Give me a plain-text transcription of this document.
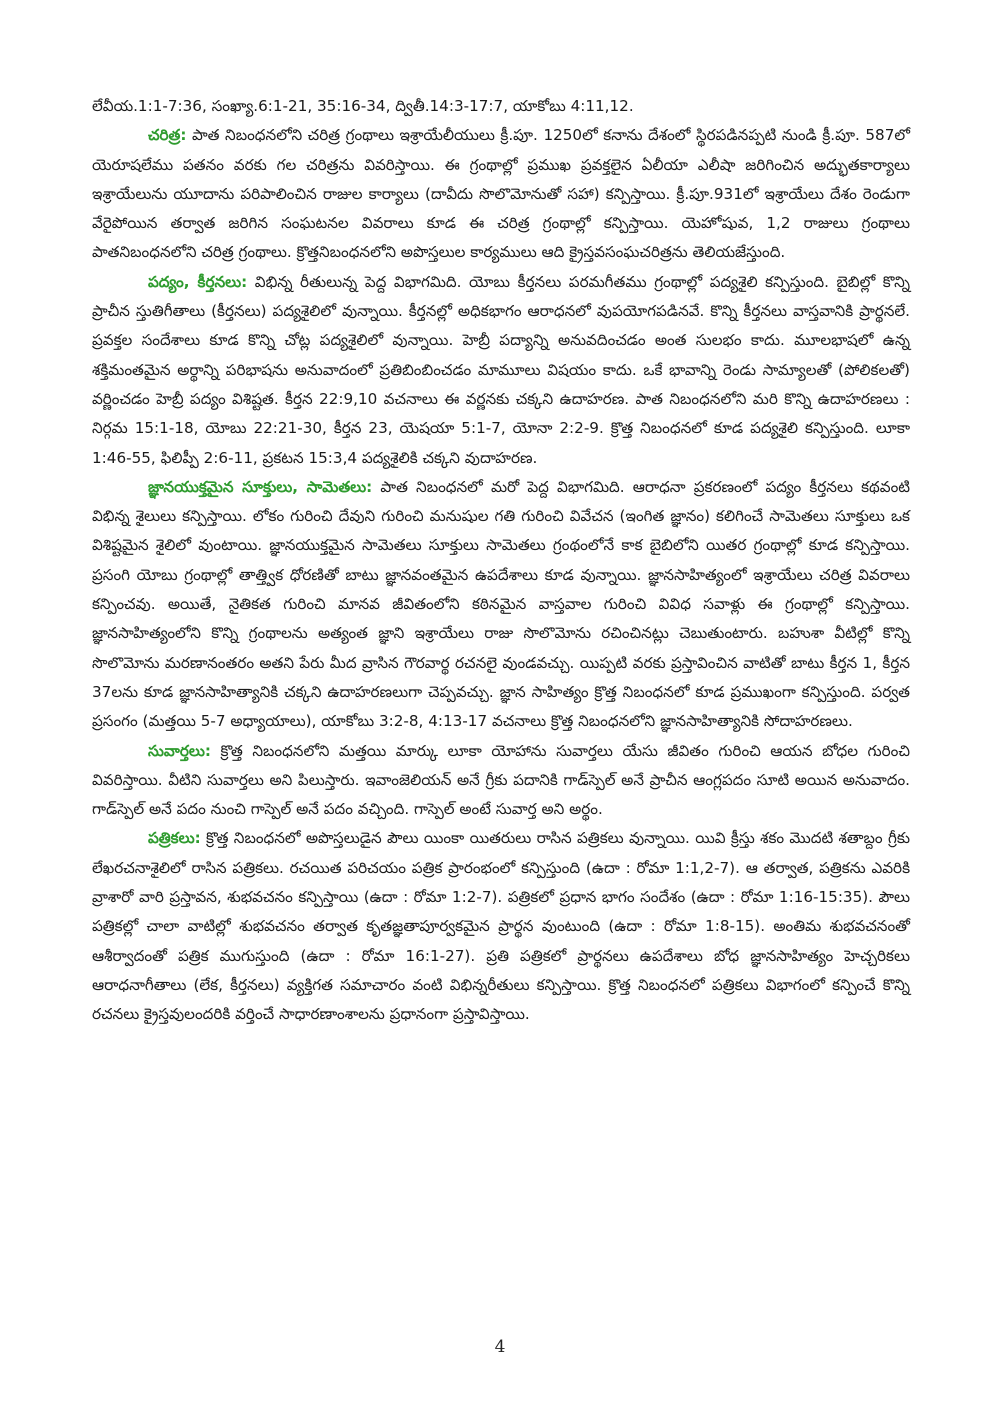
లేవీయ.1:1-7:36, సంఖ్యా.6:1-21, 35:16-34, ద్వితీ.14:3-17:7, యాకోబు 4:11,12.

చరిత్ర: పాత నిబంధనలోని చరిత్ర గ్రంథాలు ఇశ్రాయేలీయులు క్రీ.పూ. 1250లో కనాను దేశంలో స్థిరపడినప్పటి నుండి క్రీ.పూ. 587లో యెరూషలేము పతనం వరకు గల చరిత్రను వివరిస్తాయి. ఈ గ్రంథాల్లో ప్రముఖ ప్రవక్తలైన ఏలీయా ఎలీషా జరిగించిన అద్భుతకార్యాలు ఇశ్రాయేలును యూదాను పరిపాలించిన రాజుల కార్యాలు (దావీదు సొలొమోనుతో సహా) కన్పిస్తాయి. క్రీ.పూ.931లో ఇశ్రాయేలు దేశం రెండుగా వేరైపోయిన తర్వాత జరిగిన సంఘటనల వివరాలు కూడ ఈ చరిత్ర గ్రంథాల్లో కన్పిస్తాయి. యెహోషువ, 1,2 రాజులు గ్రంథాలు పాతనిబంధనలోని చరిత్ర గ్రంథాలు. క్రొత్తనిబంధనలోని అపొస్తలుల కార్యములు ఆది క్రైస్తవసంఘచరిత్రను తెలియజేస్తుంది.

పద్యం, కీర్తనలు: విభిన్న రీతులున్న పెద్ద విభాగమిది. యోబు కీర్తనలు పరమగీతము గ్రంథాల్లో పద్యశైలి కన్పిస్తుంది. బైబిల్లో కొన్ని ప్రాచీన స్తుతిగీతాలు (కీర్తనలు) పద్యశైలిలో వున్నాయి. కీర్తనల్లో అధికభాగం ఆరాధనలో వుపయోగపడినవే. కొన్ని కీర్తనలు వాస్తవానికి ప్రార్థనలే. ప్రవక్తల సందేశాలు కూడ కొన్ని చోట్ల పద్యశైలిలో వున్నాయి. హెబ్రీ పద్యాన్ని అనువదించడం అంత సులభం కాదు. మూలభాషలో ఉన్న శక్తిమంతమైన అర్థాన్ని పరిభాషను అనువాదంలో ప్రతిబింబించడం మామూలు విషయం కాదు. ఒకే భావాన్ని రెండు సామ్యాలతో (పోలికలతో) వర్ణించడం హెబ్రీ పద్యం విశిష్టత. కీర్తన 22:9,10 వచనాలు ఈ వర్ణనకు చక్కని ఉదాహరణ. పాత నిబంధనలోని మరి కొన్ని ఉదాహరణలు : నిర్గమ 15:1-18, యోబు 22:21-30, కీర్తన 23, యెషయా 5:1-7, యోనా 2:2-9. క్రొత్త నిబంధనలో కూడ పద్యశైలి కన్పిస్తుంది. లూకా 1:46-55, ఫిలిప్పీ 2:6-11, ప్రకటన 15:3,4 పద్యశైలికి చక్కని వుదాహరణ.

జ్ఞానయుక్తమైన సూక్తులు, సామెతలు: పాత నిబంధనలో మరో పెద్ద విభాగమిది. ఆరాధనా ప్రకరణంలో పద్యం కీర్తనలు కథవంటి విభిన్న శైలులు కన్పిస్తాయి. లోకం గురించి దేవుని గురించి మనుషుల గతి గురించి వివేచన (ఇంగిత జ్ఞానం) కలిగించే సామెతలు సూక్తులు ఒక విశిష్టమైన శైలిలో వుంటాయి. జ్ఞానయుక్తమైన సామెతలు సూక్తులు సామెతలు గ్రంథంలోనే కాక బైబిలోని యితర గ్రంథాల్లో కూడ కన్పిస్తాయి. ప్రసంగి యోబు గ్రంథాల్లో తాత్త్విక ధోరణితో బాటు జ్ఞానవంతమైన ఉపదేశాలు కూడ వున్నాయి. జ్ఞానసాహిత్యంలో ఇశ్రాయేలు చరిత్ర వివరాలు కన్పించవు. అయితే, నైతికత గురించి మానవ జీవితంలోని కఠినమైన వాస్తవాల గురించి వివిధ సవాళ్లు ఈ గ్రంథాల్లో కన్పిస్తాయి. జ్ఞానసాహిత్యంలోని కొన్ని గ్రంథాలను అత్యంత జ్ఞాని ఇశ్రాయేలు రాజు సొలొమోను రచించినట్లు చెబుతుంటారు. బహుశా వీటిల్లో కొన్ని సొలొమోను మరణానంతరం అతని పేరు మీద వ్రాసిన గౌరవార్థ రచనలై వుండవచ్చు. యిప్పటి వరకు ప్రస్తావించిన వాటితో బాటు కీర్తన 1, కీర్తన 37లను కూడ జ్ఞానసాహిత్యానికి చక్కని ఉదాహరణలుగా చెప్పవచ్చు. జ్ఞాన సాహిత్యం క్రొత్త నిబంధనలో కూడ ప్రముఖంగా కన్పిస్తుంది. పర్వత ప్రసంగం (మత్తయి 5-7 అధ్యాయాలు), యాకోబు 3:2-8, 4:13-17 వచనాలు క్రొత్త నిబంధనలోని జ్ఞానసాహిత్యానికి సోదాహరణలు.

సువార్తలు: క్రొత్త నిబంధనలోని మత్తయి మార్కు లూకా యోహాను సువార్తలు యేసు జీవితం గురించి ఆయన బోధల గురించి వివరిస్తాయి. వీటిని సువార్తలు అని పిలుస్తారు. ఇవాంజెలియన్ అనే గ్రీకు పదానికి గాడ్‌స్పెల్ అనే ప్రాచీన ఆంగ్లపదం సూటి అయిన అనువాదం. గాడ్‌స్పెల్ అనే పదం నుంచి గాస్పెల్ అనే పదం వచ్చింది. గాస్పెల్ అంటే సువార్త అని అర్థం.

పత్రికలు: క్రొత్త నిబంధనలో అపొస్తలుడైన పౌలు యింకా యితరులు రాసిన పత్రికలు వున్నాయి. యివి క్రీస్తు శకం మొదటి శతాబ్దం గ్రీకు లేఖరచనాశైలిలో రాసిన పత్రికలు. రచయిత పరిచయం పత్రిక ప్రారంభంలో కన్పిస్తుంది (ఉదా : రోమా 1:1,2-7). ఆ తర్వాత, పత్రికను ఎవరికి వ్రాశారో వారి ప్రస్తావన, శుభవచనం కన్పిస్తాయి (ఉదా : రోమా 1:2-7). పత్రికలో ప్రధాన భాగం సందేశం (ఉదా : రోమా 1:16-15:35). పౌలు పత్రికల్లో చాలా వాటిల్లో శుభవచనం తర్వాత కృతజ్ఞతాపూర్వకమైన ప్రార్థన వుంటుంది (ఉదా : రోమా 1:8-15). అంతిమ శుభవచనంతో ఆశీర్వాదంతో పత్రిక ముగుస్తుంది (ఉదా : రోమా 16:1-27). ప్రతి పత్రికలో ప్రార్థనలు ఉపదేశాలు బోధ జ్ఞానసాహిత్యం హెచ్చరికలు ఆరాధనాగీతాలు (లేక, కీర్తనలు) వ్యక్తిగత సమాచారం వంటి విభిన్నరీతులు కన్పిస్తాయి. క్రొత్త నిబంధనలో పత్రికలు విభాగంలో కన్పించే కొన్ని రచనలు క్రైస్తవులందరికి వర్తించే సాధారణాంశాలను ప్రధానంగా ప్రస్తావిస్తాయి.

4
